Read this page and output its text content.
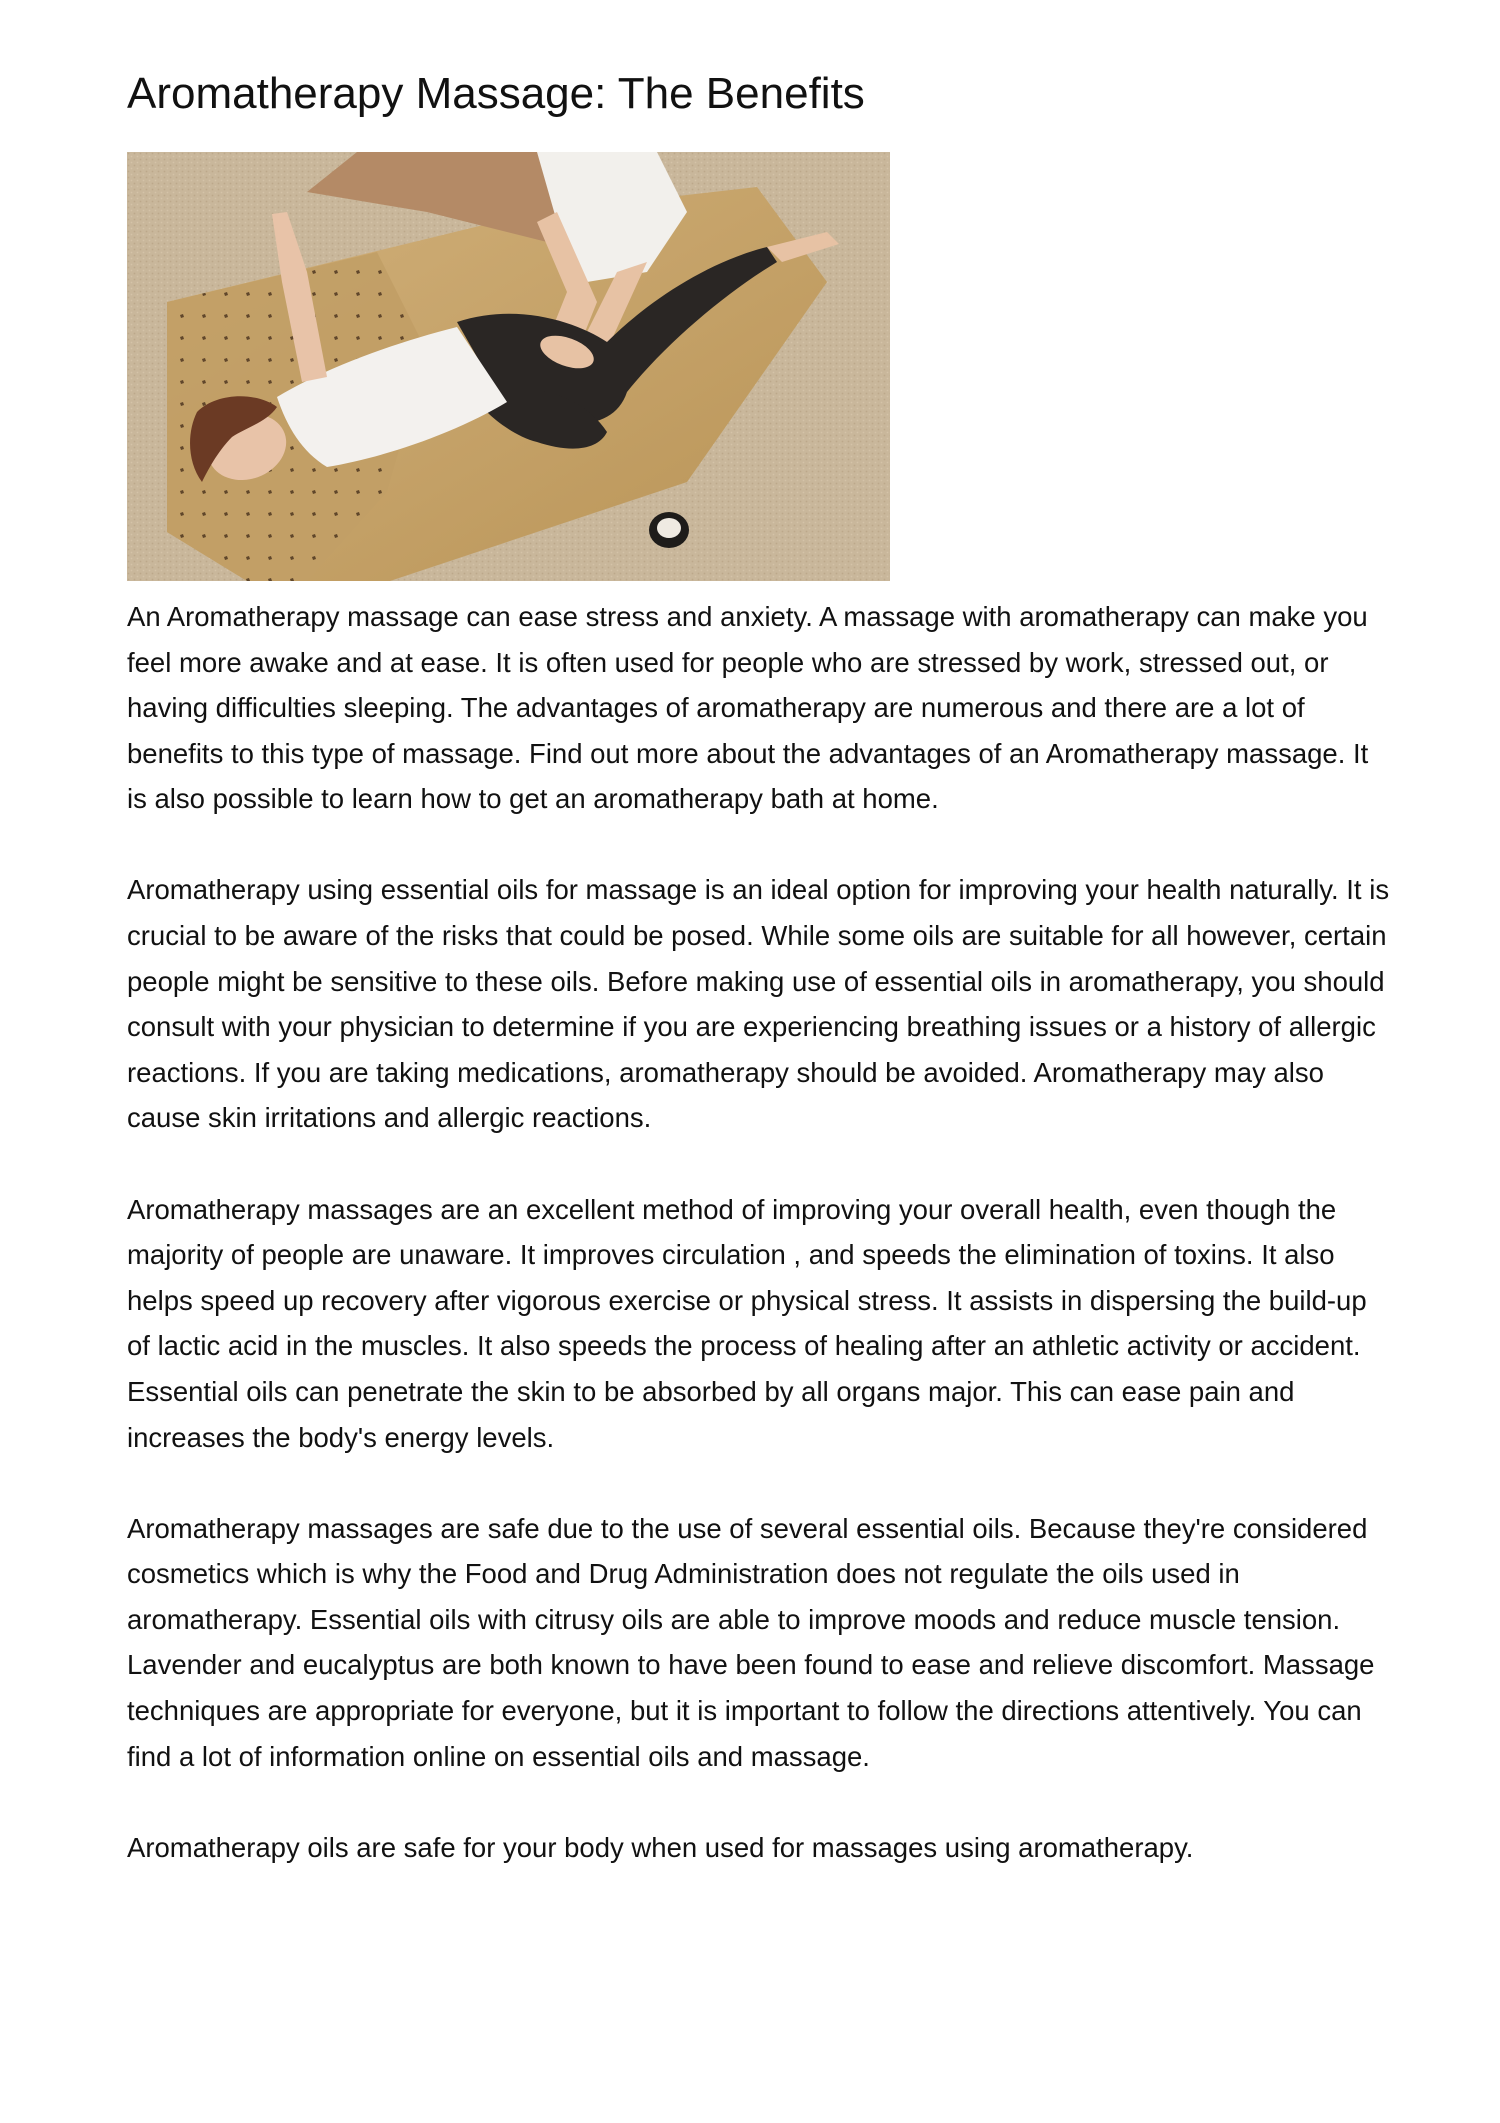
Aromatherapy Massage: The Benefits

An Aromatherapy massage can ease stress and anxiety. A massage with aromatherapy can make you feel more awake and at ease. It is often used for people who are stressed by work, stressed out, or having difficulties sleeping. The advantages of aromatherapy are numerous and there are a lot of benefits to this type of massage. Find out more about the advantages of an Aromatherapy massage. It is also possible to learn how to get an aromatherapy bath at home.

Aromatherapy using essential oils for massage is an ideal option for improving your health naturally. It is crucial to be aware of the risks that could be posed. While some oils are suitable for all however, certain people might be sensitive to these oils. Before making use of essential oils in aromatherapy, you should consult with your physician to determine if you are experiencing breathing issues or a history of allergic reactions. If you are taking medications, aromatherapy should be avoided. Aromatherapy may also cause skin irritations and allergic reactions.

Aromatherapy massages are an excellent method of improving your overall health, even though the majority of people are unaware. It improves circulation , and speeds the elimination of toxins. It also helps speed up recovery after vigorous exercise or physical stress. It assists in dispersing the build-up of lactic acid in the muscles. It also speeds the process of healing after an athletic activity or accident. Essential oils can penetrate the skin to be absorbed by all organs major. This can ease pain and increases the body's energy levels.

Aromatherapy massages are safe due to the use of several essential oils. Because they're considered cosmetics which is why the Food and Drug Administration does not regulate the oils used in aromatherapy. Essential oils with citrusy oils are able to improve moods and reduce muscle tension. Lavender and eucalyptus are both known to have been found to ease and relieve discomfort. Massage techniques are appropriate for everyone, but it is important to follow the directions attentively. You can find a lot of information online on essential oils and massage.

Aromatherapy oils are safe for your body when used for massages using aromatherapy.
